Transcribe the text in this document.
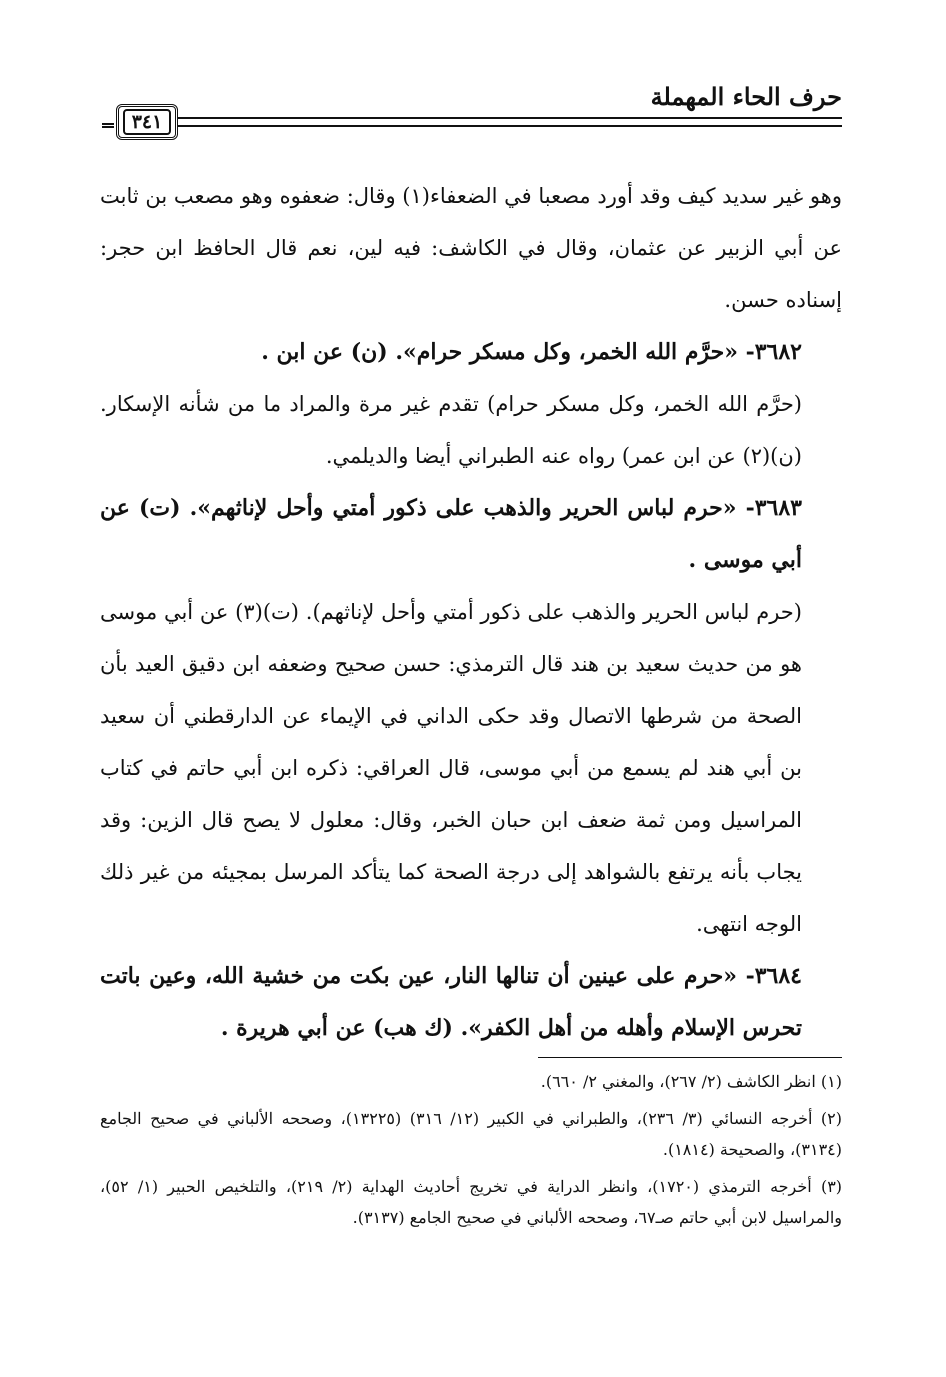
حرف الحاء المهملة
٣٤١

وهو غير سديد كيف وقد أورد مصعبا في الضعفاء(١) وقال: ضعفوه وهو مصعب بن ثابت عن أبي الزبير عن عثمان، وقال في الكاشف: فيه لين، نعم قال الحافظ ابن حجر: إسناده حسن.

٣٦٨٢- «حرَّم الله الخمر، وكل مسكر حرام». (ن) عن ابن .

(حرَّم الله الخمر، وكل مسكر حرام) تقدم غير مرة والمراد ما من شأنه الإسكار. (ن)(٢) عن ابن عمر) رواه عنه الطبراني أيضا والديلمي.

٣٦٨٣- «حرم لباس الحرير والذهب على ذكور أمتي وأحل لإناثهم». (ت) عن أبي موسى .

(حرم لباس الحرير والذهب على ذكور أمتي وأحل لإناثهم). (ت)(٣) عن أبي موسى هو من حديث سعيد بن هند قال الترمذي: حسن صحيح وضعفه ابن دقيق العيد بأن الصحة من شرطها الاتصال وقد حكى الداني في الإيماء عن الدارقطني أن سعيد بن أبي هند لم يسمع من أبي موسى، قال العراقي: ذكره ابن أبي حاتم في كتاب المراسيل ومن ثمة ضعف ابن حبان الخبر، وقال: معلول لا يصح قال الزين: وقد يجاب بأنه يرتفع بالشواهد إلى درجة الصحة كما يتأكد المرسل بمجيئه من غير ذلك الوجه انتهى.

٣٦٨٤- «حرم على عينين أن تنالها النار، عين بكت من خشية الله، وعين باتت تحرس الإسلام وأهله من أهل الكفر». (ك هب) عن أبي هريرة .

(١) انظر الكاشف (٢/ ٢٦٧)، والمغني ٢/ ٦٦٠).

(٢) أخرجه النسائي (٣/ ٢٣٦)، والطبراني في الكبير (١٢/ ٣١٦) (١٣٢٢٥)، وصححه الألباني في صحيح الجامع (٣١٣٤)، والصحيحة (١٨١٤).

(٣) أخرجه الترمذي (١٧٢٠)، وانظر الدراية في تخريج أحاديث الهداية (٢/ ٢١٩)، والتلخيص الحبير (١/ ٥٢)، والمراسيل لابن أبي حاتم صـ٦٧، وصححه الألباني في صحيح الجامع (٣١٣٧).
